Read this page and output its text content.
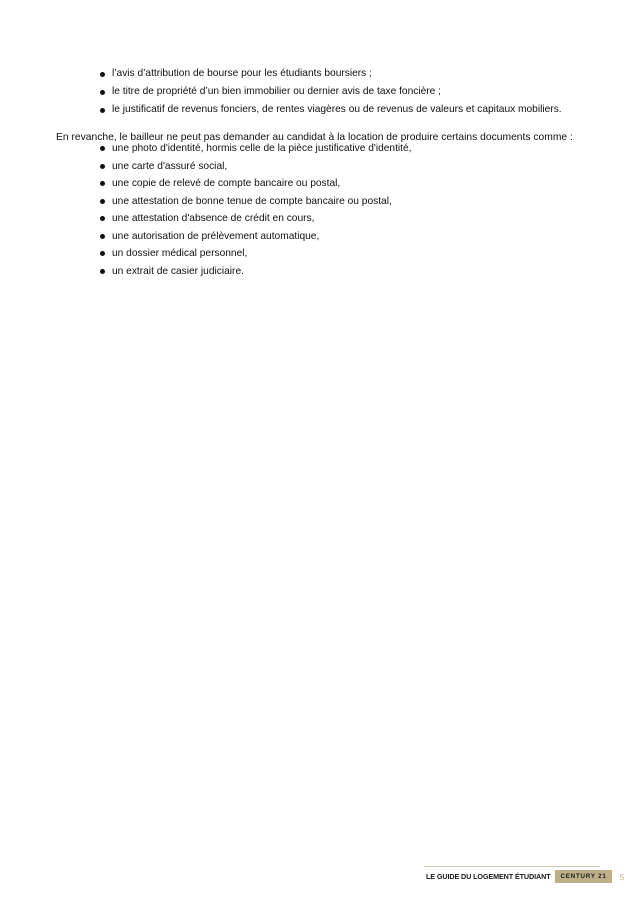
l’avis d’attribution de bourse pour les étudiants boursiers ;
le titre de propriété d’un bien immobilier ou dernier avis de taxe foncière ;
le justificatif de revenus fonciers, de rentes viagères ou de revenus de valeurs et capitaux mobiliers.

En revanche, le bailleur ne peut pas demander au candidat à la location de produire certains documents comme :

une photo d'identité, hormis celle de la pièce justificative d'identité,
une carte d'assuré social,
une copie de relevé de compte bancaire ou postal,
une attestation de bonne tenue de compte bancaire ou postal,
une attestation d'absence de crédit en cours,
une autorisation de prélèvement automatique,
un dossier médical personnel,
un extrait de casier judiciaire.
LE GUIDE DU LOGEMENT ÉTUDIANT	CENTURY 21	5
